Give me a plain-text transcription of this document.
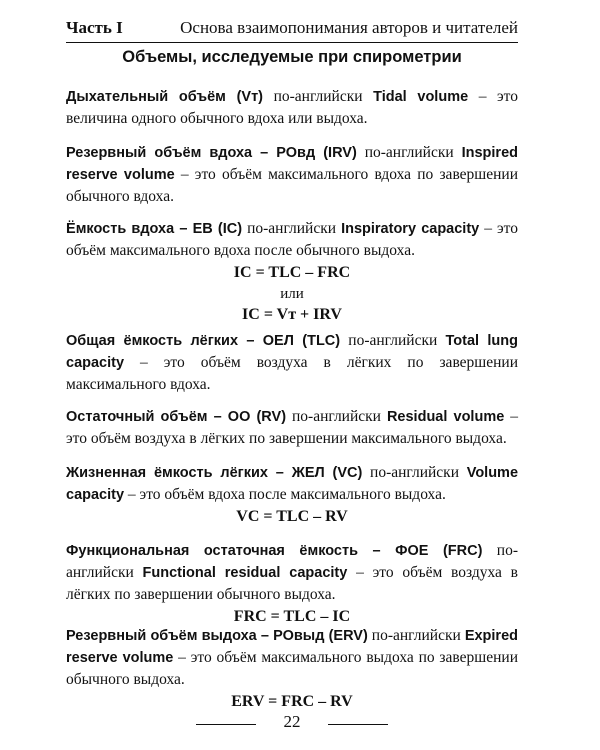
Часть I	Основа взаимопонимания авторов и читателей
Объемы, исследуемые при спирометрии
Дыхательный объём (Vт) по-английски Tidal volume – это величина одного обычного вдоха или выдоха.
Резервный объём вдоха – РОвд (IRV) по-английски Inspired reserve volume – это объём максимального вдоха по завершении обычного вдоха.
Ёмкость вдоха – ЕВ (IC) по-английски Inspiratory capacity – это объём максимального вдоха после обычного выдоха.
IC = TLC – FRC
или
IC = Vт + IRV
Общая ёмкость лёгких – ОЕЛ (TLC) по-английски Total lung capacity – это объём воздуха в лёгких по завершении максимального вдоха.
Остаточный объём – ОО (RV) по-английски Residual volume – это объём воздуха в лёгких по завершении максимального выдоха.
Жизненная ёмкость лёгких – ЖЕЛ (VC) по-английски Volume capacity – это объём вдоха после максимального выдоха.
VC = TLC – RV
Функциональная остаточная ёмкость – ФОЕ (FRC) по-английски Functional residual capacity – это объём воздуха в лёгких по завершении обычного выдоха.
FRC = TLC – IC
Резервный объём выдоха – РОвыд (ERV) по-английски Expired reserve volume – это объём максимального выдоха по завершении обычного выдоха.
ERV = FRC – RV
22
